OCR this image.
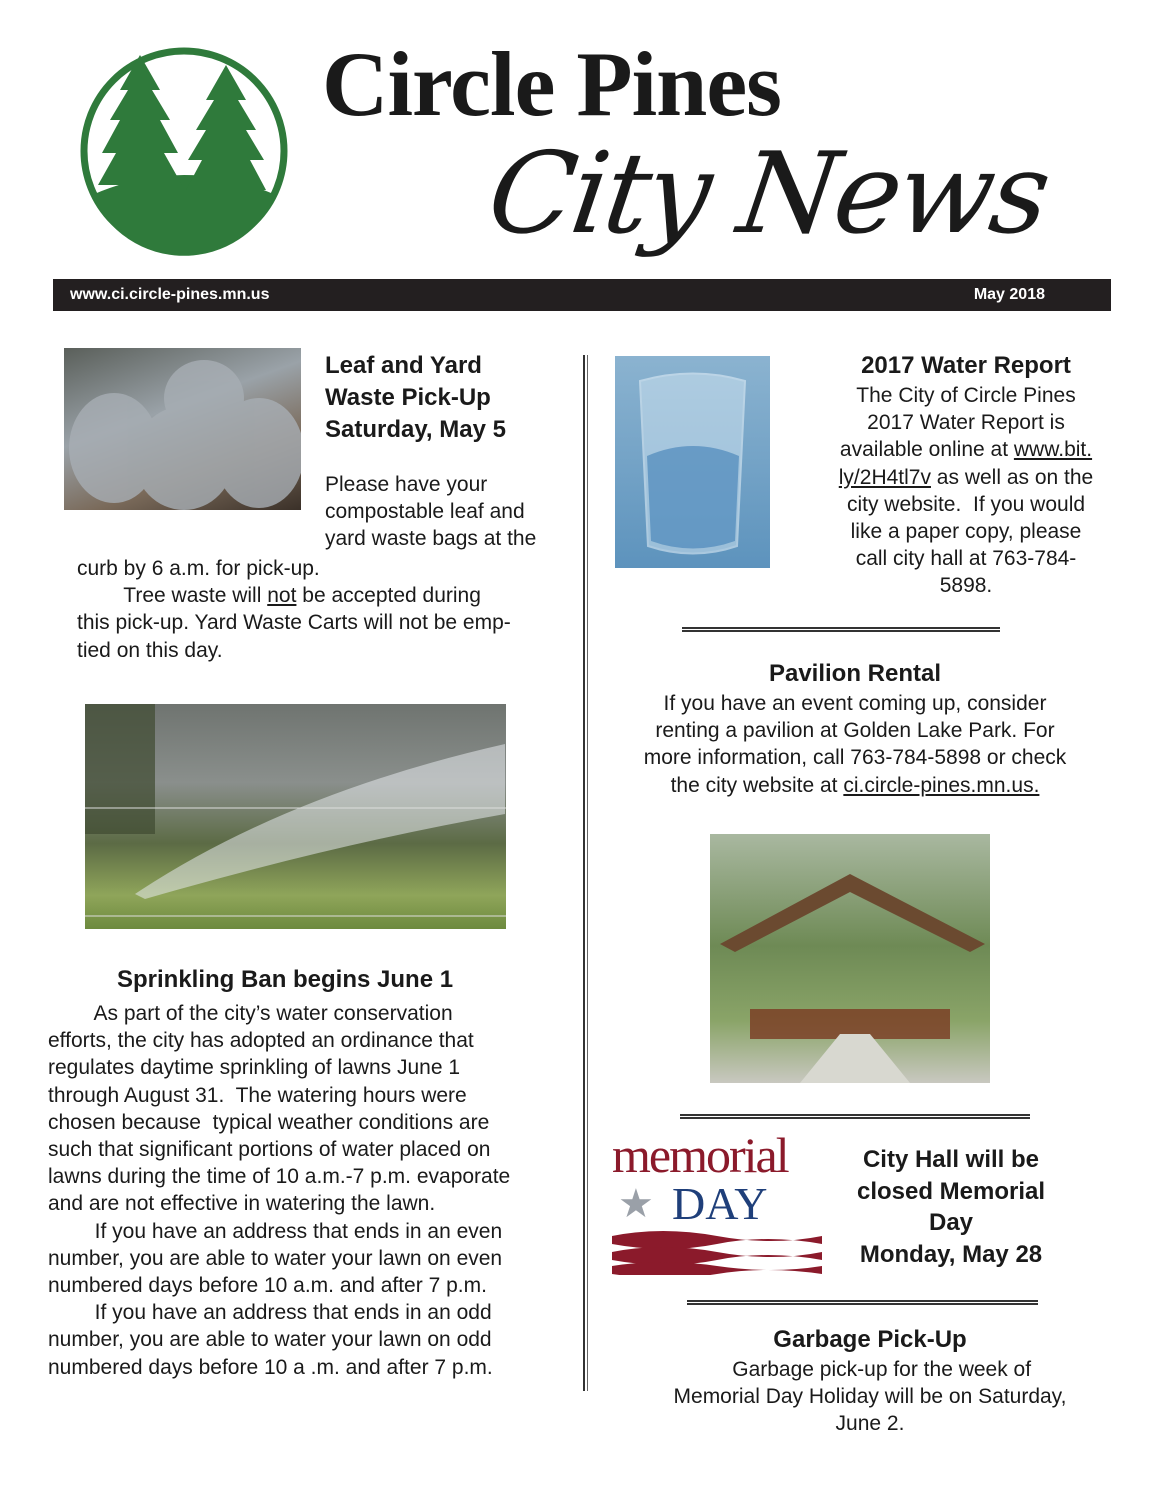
Circle Pines
City News
www.ci.circle-pines.mn.us	May 2018
Leaf and Yard
Waste Pick-Up
Saturday, May 5
Please have your
compostable leaf and
yard waste bags at the
curb by 6 a.m. for pick-up.
Tree waste will not be accepted during
this pick-up. Yard Waste Carts will not be emp-
tied on this day.
Sprinkling Ban begins June 1
As part of the city’s water conservation
efforts, the city has adopted an ordinance that
regulates daytime sprinkling of lawns June 1
through August 31.  The watering hours were
chosen because  typical weather conditions are
such that significant portions of water placed on
lawns during the time of 10 a.m.-7 p.m. evaporate
and are not effective in watering the lawn.
If you have an address that ends in an even
number, you are able to water your lawn on even
numbered days before 10 a.m. and after 7 p.m.
If you have an address that ends in an odd
number, you are able to water your lawn on odd
numbered days before 10 a .m. and after 7 p.m.
2017 Water Report
The City of Circle Pines
2017 Water Report is
available online at www.bit.
ly/2H4tl7v as well as on the
city website.  If you would
like a paper copy, please
call city hall at 763-784-
5898.
Pavilion Rental
If you have an event coming up, consider
renting a pavilion at Golden Lake Park. For
more information, call 763-784-5898 or check
the city website at ci.circle-pines.mn.us.
memorial
★ DAY
City Hall will be
closed Memorial
Day
Monday, May 28
Garbage Pick-Up
Garbage pick-up for the week of
Memorial Day Holiday will be on Saturday,
June 2.
